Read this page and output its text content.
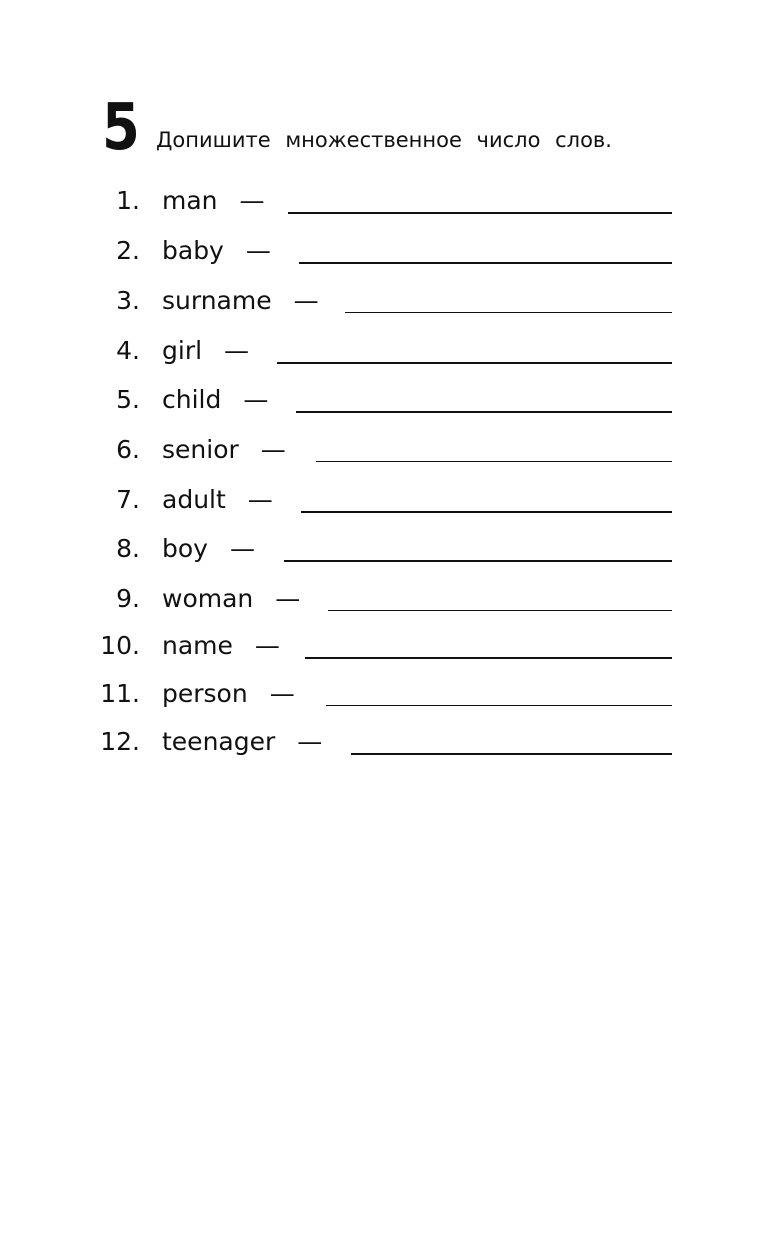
5 Допишите множественное число слов.
1. man —
2. baby —
3. surname —
4. girl —
5. child —
6. senior —
7. adult —
8. boy —
9. woman —
10. name —
11. person —
12. teenager —
